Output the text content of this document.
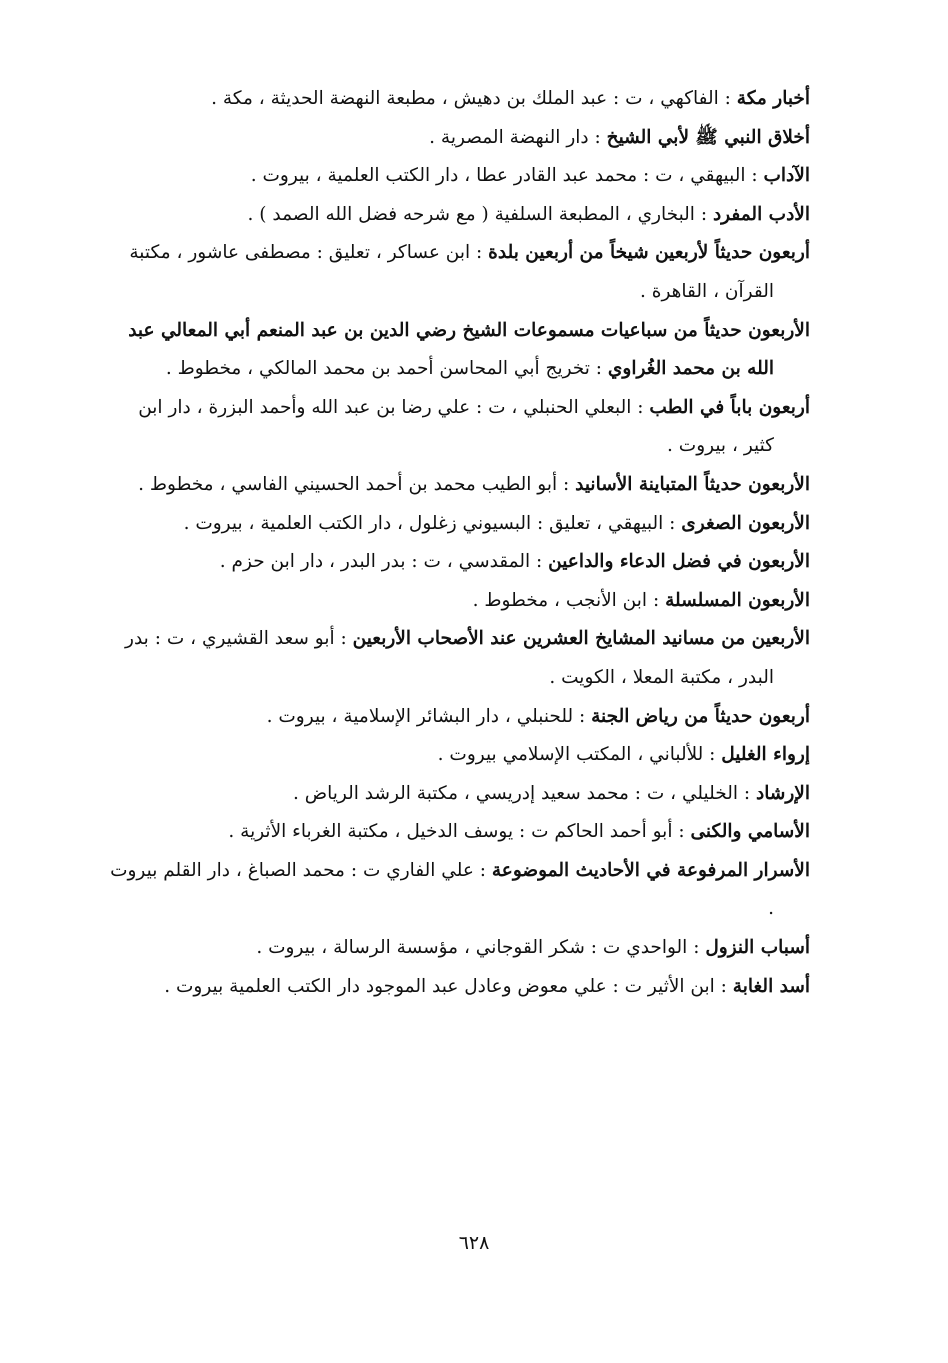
أخبار مكة : الفاكهي ، ت : عبد الملك بن دهيش ، مطبعة النهضة الحديثة ، مكة .

أخلاق النبي ﷺ لأبي الشيخ : دار النهضة المصرية .

الآداب : البيهقي ، ت : محمد عبد القادر عطا ، دار الكتب العلمية ، بيروت .

الأدب المفرد : البخاري ، المطبعة السلفية ( مع شرحه فضل الله الصمد ) .

أربعون حديثاً لأربعين شيخاً من أربعين بلدة : ابن عساكر ، تعليق : مصطفى عاشور ، مكتبة القرآن ، القاهرة .

الأربعون حديثاً من سباعيات مسموعات الشيخ رضي الدين بن عبد المنعم أبي المعالي عبد الله بن محمد الغُراوي : تخريج أبي المحاسن أحمد بن محمد المالكي ، مخطوط .

أربعون باباً في الطب : البعلي الحنبلي ، ت : علي رضا بن عبد الله وأحمد البزرة ، دار ابن كثير ، بيروت .

الأربعون حديثاً المتباينة الأسانيد : أبو الطيب محمد بن أحمد الحسيني الفاسي ، مخطوط .

الأربعون الصغرى : البيهقي ، تعليق : البسيوني زغلول ، دار الكتب العلمية ، بيروت .

الأربعون في فضل الدعاء والداعين : المقدسي ، ت : بدر البدر ، دار ابن حزم .

الأربعون المسلسلة : ابن الأنجب ، مخطوط .

الأربعين من مسانيد المشايخ العشرين عند الأصحاب الأربعين : أبو سعد القشيري ، ت : بدر البدر ، مكتبة المعلا ، الكويت .

أربعون حديثاً من رياض الجنة : للحنبلي ، دار البشائر الإسلامية ، بيروت .

إرواء الغليل : للألباني ، المكتب الإسلامي بيروت .

الإرشاد : الخليلي ، ت : محمد سعيد إدريسي ، مكتبة الرشد الرياض .

الأسامي والكنى : أبو أحمد الحاكم ت : يوسف الدخيل ، مكتبة الغرباء الأثرية .

الأسرار المرفوعة في الأحاديث الموضوعة : علي الفاري ت : محمد الصباغ ، دار القلم بيروت .

أسباب النزول : الواحدي ت : شكر القوجاني ، مؤسسة الرسالة ، بيروت .

أسد الغابة : ابن الأثير ت : علي معوض وعادل عبد الموجود دار الكتب العلمية بيروت .

٦٢٨
